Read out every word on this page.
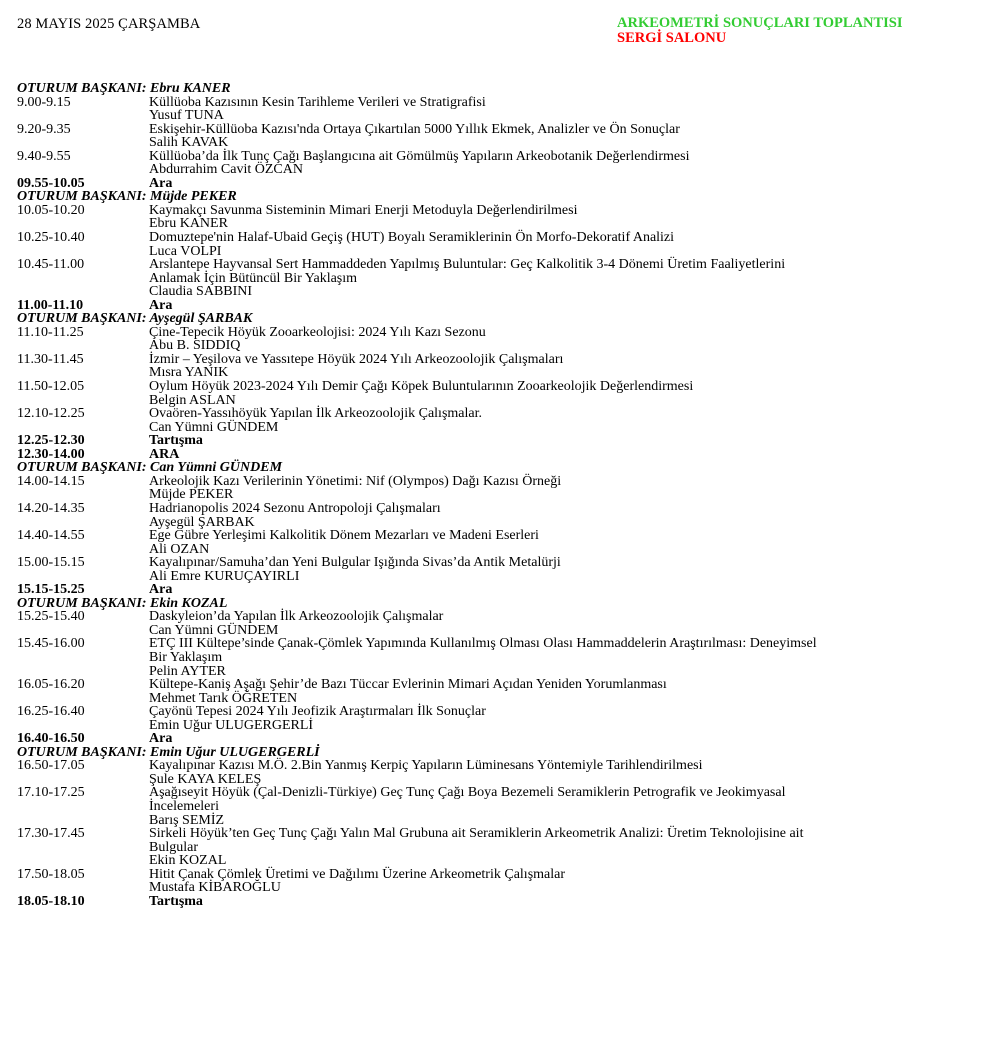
28 MAYIS 2025 ÇARŞAMBA	ARKEOMETRİ SONUÇLARI TOPLANTISI
SERGİ SALONU
OTURUM BAŞKANI: Ebru KANER
9.00-9.15	Küllüoba Kazısının Kesin Tarihleme Verileri ve Stratigrafisi
Yusuf TUNA
9.20-9.35	Eskişehir-Küllüoba Kazısı'nda Ortaya Çıkartılan 5000 Yıllık Ekmek, Analizler ve Ön Sonuçlar
Salih KAVAK
9.40-9.55	Küllüoba’da İlk Tunç Çağı Başlangıcına ait Gömülmüş Yapıların Arkeobotanik Değerlendirmesi
Abdurrahim Cavit ÖZCAN
09.55-10.05	Ara
OTURUM BAŞKANI: Müjde PEKER
10.05-10.20	Kaymakçı Savunma Sisteminin Mimari Enerji Metoduyla Değerlendirilmesi
Ebru KANER
10.25-10.40	Domuztepe'nin Halaf-Ubaid Geçiş (HUT) Boyalı Seramiklerinin Ön Morfo-Dekoratif Analizi
Luca VOLPI
10.45-11.00	Arslantepe Hayvansal Sert Hammaddeden Yapılmış Buluntular: Geç Kalkolitik 3-4 Dönemi Üretim Faaliyetlerini
Anlamak İçin Bütüncül Bir Yaklaşım
Claudia SABBINI
11.00-11.10	Ara
OTURUM BAŞKANI: Ayşegül ŞARBAK
11.10-11.25	Çine-Tepecik Höyük Zooarkeolojisi: 2024 Yılı Kazı Sezonu
Abu B. SIDDIQ
11.30-11.45	İzmir – Yeşilova ve Yassıtepe Höyük 2024 Yılı Arkeozoolojik Çalışmaları
Mısra YANIK
11.50-12.05	Oylum Höyük 2023-2024 Yılı Demir Çağı Köpek Buluntularının Zooarkeolojik Değerlendirmesi
Belgin ASLAN
12.10-12.25	Ovaören-Yassıhöyük Yapılan İlk Arkeozoolojik Çalışmalar.
Can Yümni GÜNDEM
12.25-12.30	Tartışma
12.30-14.00	ARA
OTURUM BAŞKANI: Can Yümni GÜNDEM
14.00-14.15	Arkeolojik Kazı Verilerinin Yönetimi: Nif (Olympos) Dağı Kazısı Örneği
Müjde PEKER
14.20-14.35	Hadrianopolis 2024 Sezonu Antropoloji Çalışmaları
Ayşegül ŞARBAK
14.40-14.55	Ege Gübre Yerleşimi Kalkolitik Dönem Mezarları ve Madeni Eserleri
Ali OZAN
15.00-15.15	Kayalıpınar/Samuha’dan Yeni Bulgular Işığında Sivas’da Antik Metalürji
Ali Emre KURUÇAYIRLI
15.15-15.25	Ara
OTURUM BAŞKANI: Ekin KOZAL
15.25-15.40	Daskyleion’da Yapılan İlk Arkeozoolojik Çalışmalar
Can Yümni GÜNDEM
15.45-16.00	ETÇ III Kültepe’sinde Çanak-Çömlek Yapımında Kullanılmış Olması Olası Hammaddelerin Araştırılması: Deneyimsel
Bir Yaklaşım
Pelin AYTER
16.05-16.20	Kültepe-Kaniş Aşağı Şehir’de Bazı Tüccar Evlerinin Mimari Açıdan Yeniden Yorumlanması
Mehmet Tarık ÖĞRETEN
16.25-16.40	Çayönü Tepesi 2024 Yılı Jeofizik Araştırmaları İlk Sonuçlar
Emin Uğur ULUGERGERLİ
16.40-16.50	Ara
OTURUM BAŞKANI: Emin Uğur ULUGERGERLİ
16.50-17.05	Kayalıpınar Kazısı M.Ö. 2.Bin Yanmış Kerpiç Yapıların Lüminesans Yöntemiyle Tarihlendirilmesi
Şule KAYA KELEŞ
17.10-17.25	Aşağıseyit Höyük (Çal-Denizli-Türkiye) Geç Tunç Çağı Boya Bezemeli Seramiklerin Petrografik ve Jeokimyasal
İncelemeleri
Barış SEMİZ
17.30-17.45	Sirkeli Höyük’ten Geç Tunç Çağı Yalın Mal Grubuna ait Seramiklerin Arkeometrik Analizi: Üretim Teknolojisine ait
Bulgular
Ekin KOZAL
17.50-18.05	Hitit Çanak Çömlek Üretimi ve Dağılımı Üzerine Arkeometrik Çalışmalar
Mustafa KİBAROĞLU
18.05-18.10	Tartışma
